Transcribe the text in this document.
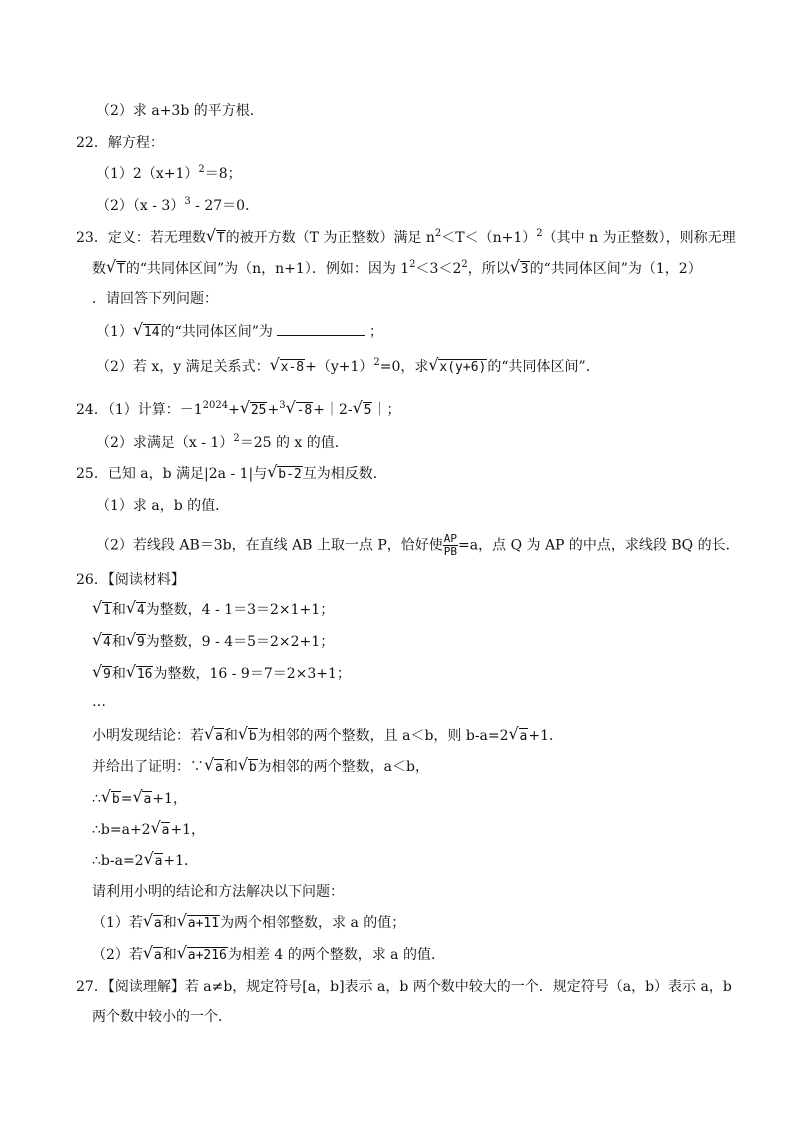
（2）求 a+3b 的平方根．
22．解方程：
$(1)2(x+1)^2=8$；
（2）（x - 3）$^3$ - 27＝0．
23．定义：若无理数√ T的被开方数（T 为正整数）满足 $n^2<T<(n+1)^2$（其中 n 为正整数），则称无理
数√ T的“共同体区间”为（n，n+1）．例如：因为 $1^2<3<2^2$，所以√ 3的“共同体区间”为（1，2）
．请回答下列问题：
（1）√ 14的“共同体区间”为	；
（2）若 x，y 满足关系式：√ $x-8+(y+1)^2=0$，求√ x(y+6)的“共同体区间”．
24．（1）计算：$-1^{2024}+√$ 25+$^3$√ -8+｜2-√ 5｜；
（2）求满足（x - 1）$^2$＝25 的 x 的值．
25．已知 a，b 满足|2a - 1|与√ b-2互为相反数．
（1）求 a，b 的值．
（2）若线段 AB＝3b，在直线 AB 上取一点 P，恰好使 $\frac{AP}{PB} =a$，点 Q 为 AP 的中点，求线段 BQ 的长．
26．【阅读材料】
√ 1和√ 4为整数，4 - 1＝3＝2×1+1；
√ 4和√ 9为整数，9 - 4＝5＝2×2+1；
√ 9和√ 16为整数，16 - 9＝7＝2×3+1；
…
小明发现结论：若√ a和√ b为相邻的两个整数，且 a＜b，则 b-a=2√ a+1．
并给出了证明：∵√ a和√ b为相邻的两个整数，a＜b，
∴√ b=√ a+1，
∴b=a+2√ a+1，
∴b-a=2√ a+1．
请利用小明的结论和方法解决以下问题：
（1）若√ a和√ a+11为两个相邻整数，求 a 的值；
（2）若√ a和√ a+216为相差 4 的两个整数，求 a 的值．
27．【阅读理解】若 a≠b，规定符号[a，b]表示 a，b 两个数中较大的一个．规定符号（a，b）表示 a，b
两个数中较小的一个．
